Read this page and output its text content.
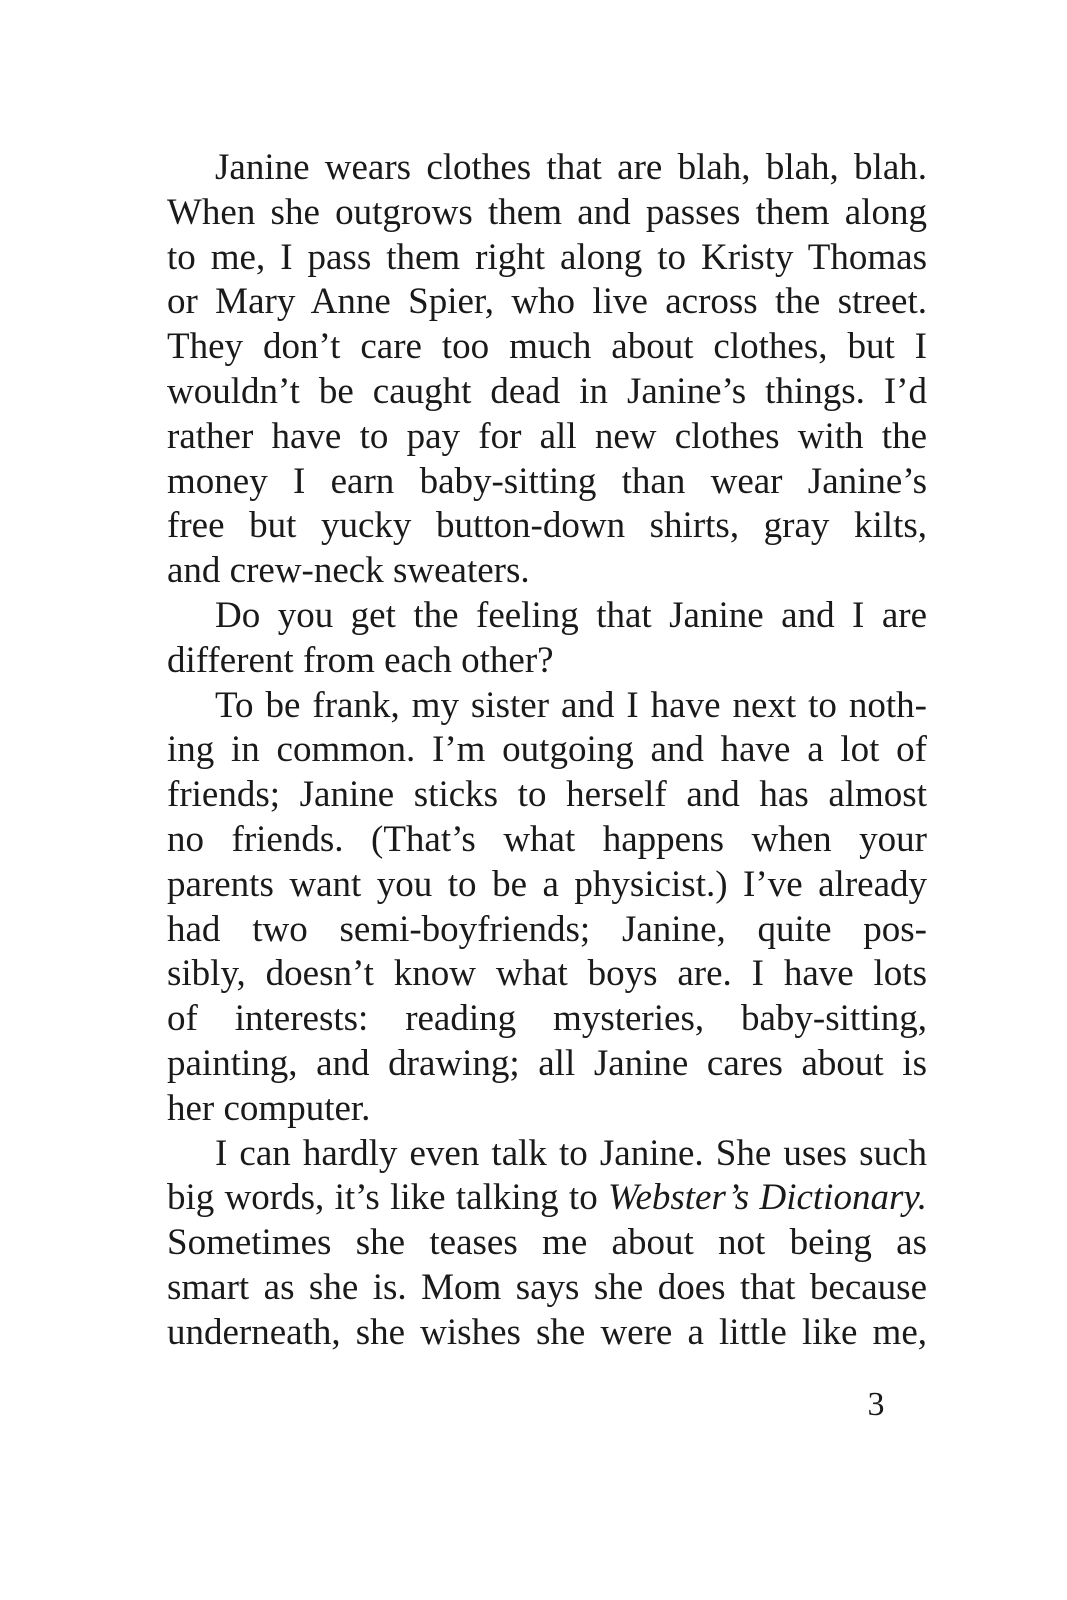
Janine wears clothes that are blah, blah, blah.
When she outgrows them and passes them along
to me, I pass them right along to Kristy Thomas
or Mary Anne Spier, who live across the street.
They don’t care too much about clothes, but I
wouldn’t be caught dead in Janine’s things. I’d
rather have to pay for all new clothes with the
money I earn baby-sitting than wear Janine’s
free but yucky button-down shirts, gray kilts,
and crew-neck sweaters.
Do you get the feeling that Janine and I are
different from each other?
To be frank, my sister and I have next to noth-
ing in common. I’m outgoing and have a lot of
friends; Janine sticks to herself and has almost
no friends. (That’s what happens when your
parents want you to be a physicist.) I’ve already
had two semi-boyfriends; Janine, quite pos-
sibly, doesn’t know what boys are. I have lots
of interests: reading mysteries, baby-sitting,
painting, and drawing; all Janine cares about is
her computer.
I can hardly even talk to Janine. She uses such
big words, it’s like talking to Webster’s Dictionary.
Sometimes she teases me about not being as
smart as she is. Mom says she does that because
underneath, she wishes she were a little like me,
3
